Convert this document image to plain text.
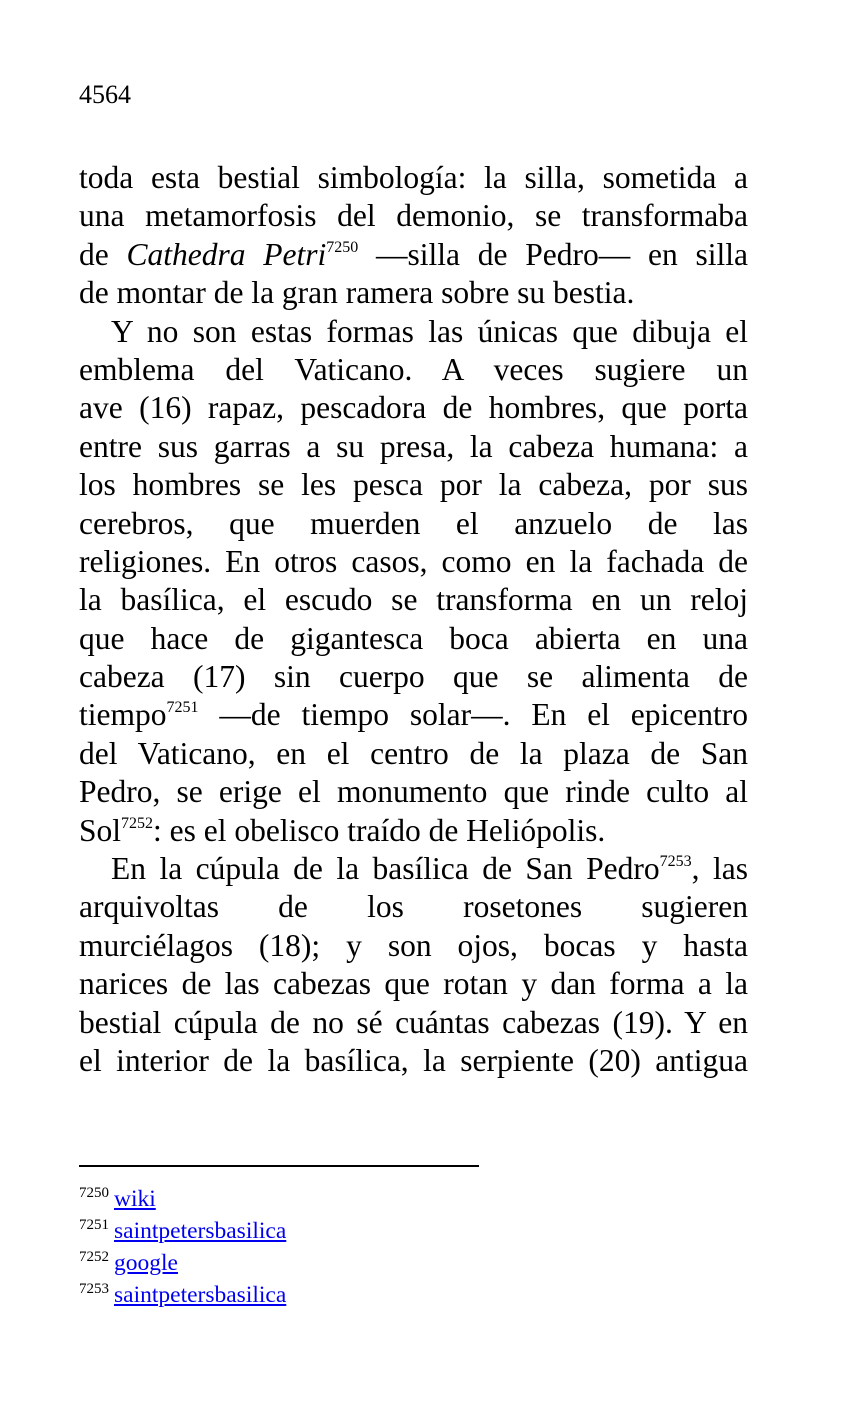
4564
toda esta bestial simbología: la silla, sometida a
una metamorfosis del demonio, se transformaba
de Cathedra Petri$^{7250}$ —silla de Pedro— en silla
de montar de la gran ramera sobre su bestia.
Y no son estas formas las únicas que dibuja el
emblema del Vaticano. A veces sugiere un
ave (16) rapaz, pescadora de hombres, que porta
entre sus garras a su presa, la cabeza humana: a
los hombres se les pesca por la cabeza, por sus
cerebros, que muerden el anzuelo de las
religiones. En otros casos, como en la fachada de
la basílica, el escudo se transforma en un reloj
que hace de gigantesca boca abierta en una
cabeza (17) sin cuerpo que se alimenta de
tiempo$^{7251}$ —de tiempo solar—. En el epicentro
del Vaticano, en el centro de la plaza de San
Pedro, se erige el monumento que rinde culto al
Sol$^{7252}$: es el obelisco traído de Heliópolis.
En la cúpula de la basílica de San Pedro$^{7253}$, las
arquivoltas de los rosetones sugieren
murciélagos (18); y son ojos, bocas y hasta
narices de las cabezas que rotan y dan forma a la
bestial cúpula de no sé cuántas cabezas (19). Y en
el interior de la basílica, la serpiente (20) antigua
$^{7250}$ wiki
$^{7251}$ saintpetersbasilica
$^{7252}$ google
$^{7253}$ saintpetersbasilica
